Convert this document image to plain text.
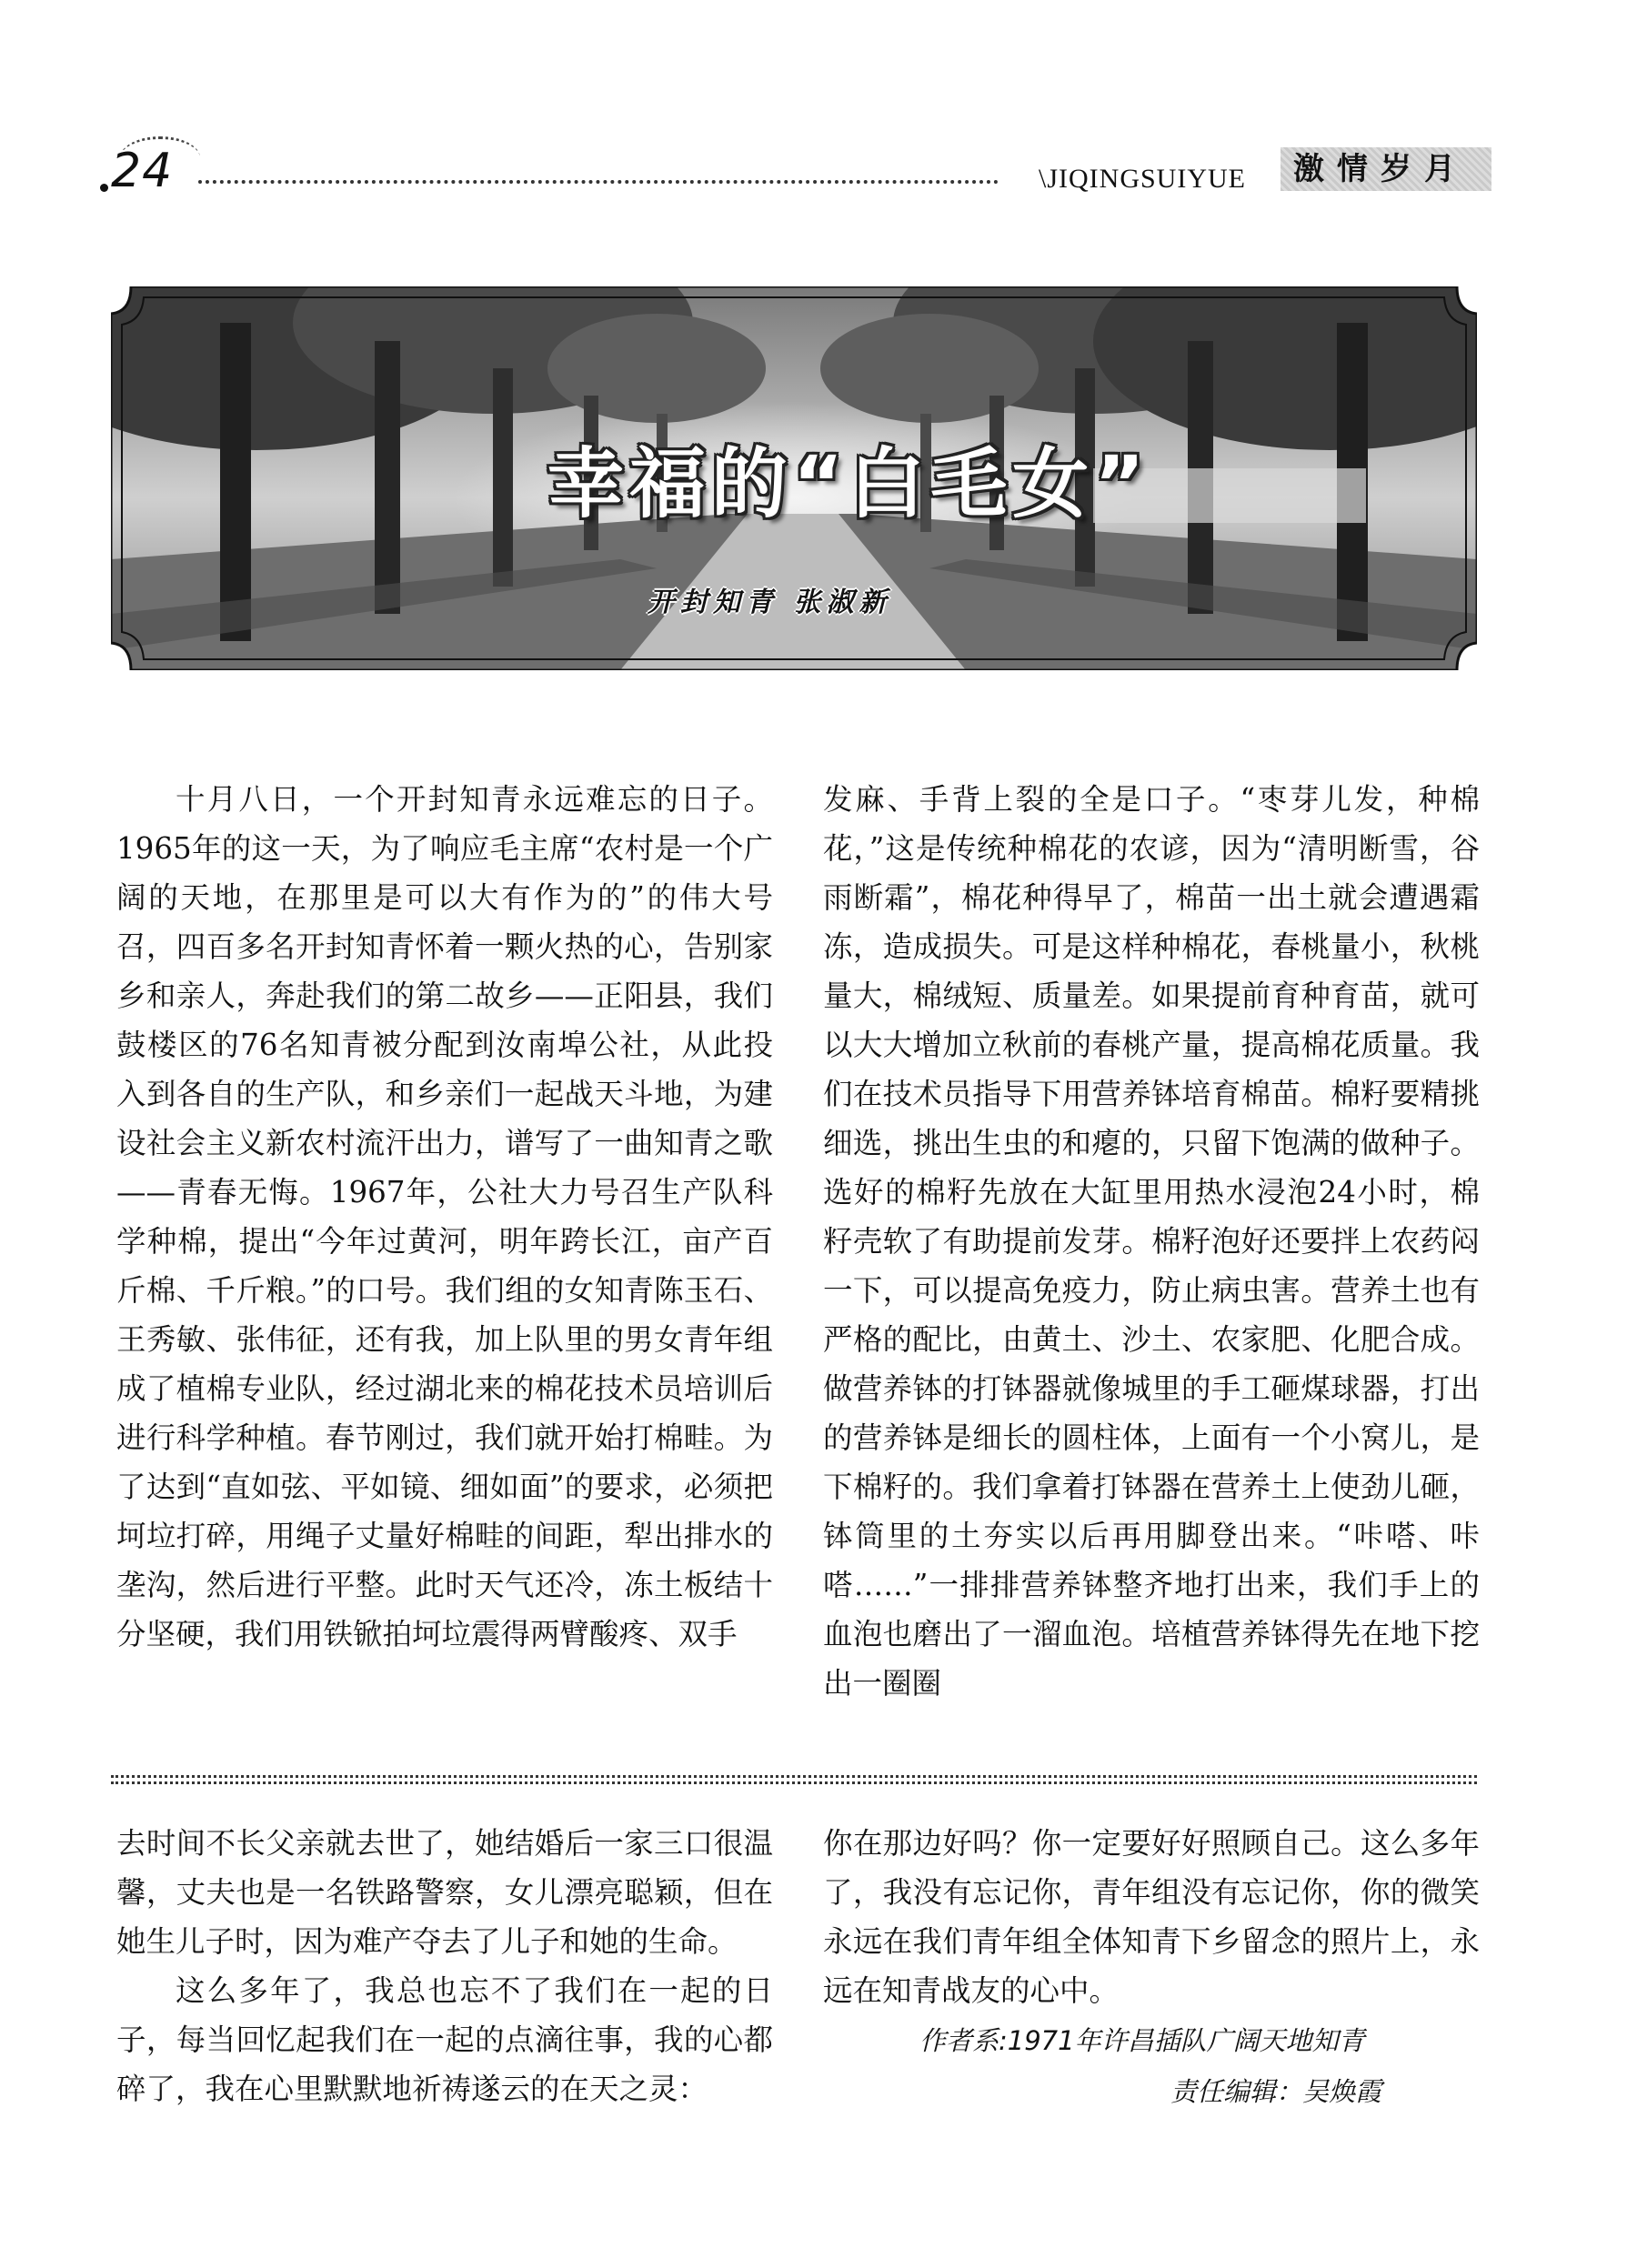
24	\JIQINGSUIYUE	激情岁月
幸福的“白毛女”
开封知青 张淑新

十月八日，一个开封知青永远难忘的日子。1965年的这一天，为了响应毛主席“农村是一个广阔的天地，在那里是可以大有作为的”的伟大号召，四百多名开封知青怀着一颗火热的心，告别家乡和亲人，奔赴我们的第二故乡——正阳县，我们鼓楼区的76名知青被分配到汝南埠公社，从此投入到各自的生产队，和乡亲们一起战天斗地，为建设社会主义新农村流汗出力，谱写了一曲知青之歌——青春无悔。1967年，公社大力号召生产队科学种棉，提出“今年过黄河，明年跨长江，亩产百斤棉、千斤粮。”的口号。我们组的女知青陈玉石、王秀敏、张伟征，还有我，加上队里的男女青年组成了植棉专业队，经过湖北来的棉花技术员培训后进行科学种植。春节刚过，我们就开始打棉畦。为了达到“直如弦、平如镜、细如面”的要求，必须把坷垃打碎，用绳子丈量好棉畦的间距，犁出排水的垄沟，然后进行平整。此时天气还冷，冻土板结十分坚硬，我们用铁锨拍坷垃震得两臂酸疼、双手

发麻、手背上裂的全是口子。“枣芽儿发，种棉花，”这是传统种棉花的农谚，因为“清明断雪，谷雨断霜”，棉花种得早了，棉苗一出土就会遭遇霜冻，造成损失。可是这样种棉花，春桃量小，秋桃量大，棉绒短、质量差。如果提前育种育苗，就可以大大增加立秋前的春桃产量，提高棉花质量。我们在技术员指导下用营养钵培育棉苗。棉籽要精挑细选，挑出生虫的和瘪的，只留下饱满的做种子。选好的棉籽先放在大缸里用热水浸泡24小时，棉籽壳软了有助提前发芽。棉籽泡好还要拌上农药闷一下，可以提高免疫力，防止病虫害。营养土也有严格的配比，由黄土、沙土、农家肥、化肥合成。做营养钵的打钵器就像城里的手工砸煤球器，打出的营养钵是细长的圆柱体，上面有一个小窝儿，是下棉籽的。我们拿着打钵器在营养土上使劲儿砸，钵筒里的土夯实以后再用脚登出来。“咔嗒、咔嗒……”一排排营养钵整齐地打出来，我们手上的血泡也磨出了一溜血泡。培植营养钵得先在地下挖出一圈圈

去时间不长父亲就去世了，她结婚后一家三口很温馨，丈夫也是一名铁路警察，女儿漂亮聪颖，但在她生儿子时，因为难产夺去了儿子和她的生命。

这么多年了，我总也忘不了我们在一起的日子，每当回忆起我们在一起的点滴往事，我的心都碎了，我在心里默默地祈祷遂云的在天之灵：

你在那边好吗？你一定要好好照顾自己。这么多年了，我没有忘记你，青年组没有忘记你，你的微笑永远在我们青年组全体知青下乡留念的照片上，永远在知青战友的心中。

作者系:1971年许昌插队广阔天地知青
责任编辑：吴焕霞
